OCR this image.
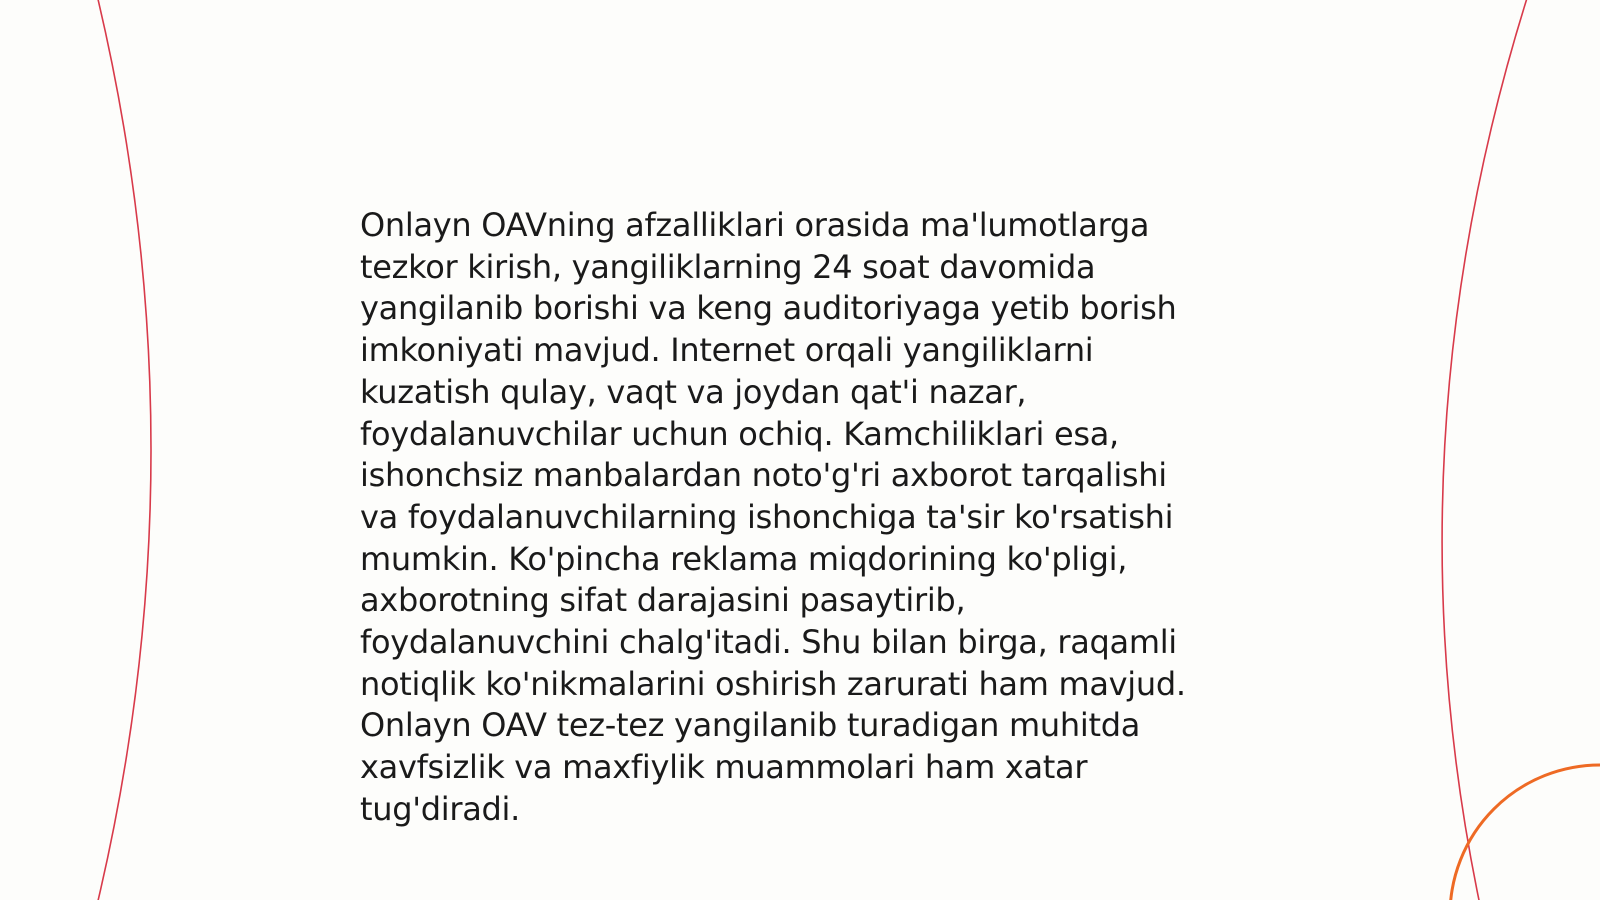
Onlayn OAVning afzalliklari orasida ma'lumotlarga
tezkor kirish, yangiliklarning 24 soat davomida
yangilanib borishi va keng auditoriyaga yetib borish
imkoniyati mavjud. Internet orqali yangiliklarni
kuzatish qulay, vaqt va joydan qat'i nazar,
foydalanuvchilar uchun ochiq. Kamchiliklari esa,
ishonchsiz manbalardan noto'g'ri axborot tarqalishi
va foydalanuvchilarning ishonchiga ta'sir ko'rsatishi
mumkin. Ko'pincha reklama miqdorining ko'pligi,
axborotning sifat darajasini pasaytirib,
foydalanuvchini chalg'itadi. Shu bilan birga, raqamli
notiqlik ko'nikmalarini oshirish zarurati ham mavjud.
Onlayn OAV tez-tez yangilanib turadigan muhitda
xavfsizlik va maxfiylik muammolari ham xatar
tug'diradi.
